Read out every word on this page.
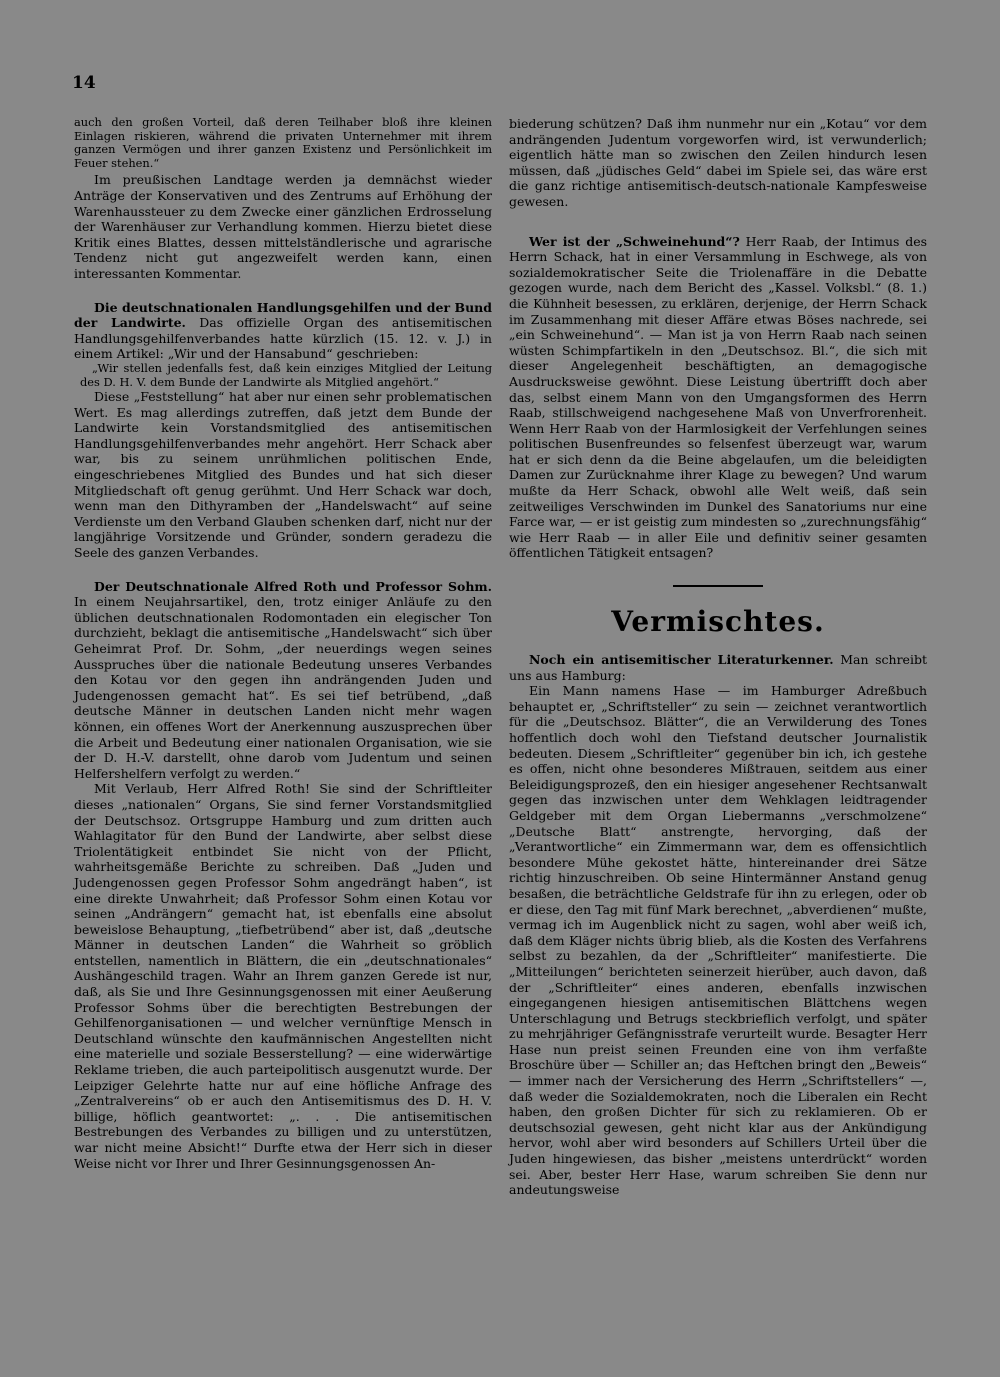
14

auch den großen Vorteil, daß deren Teilhaber bloß ihre kleinen Einlagen riskieren, während die privaten Unternehmer mit ihrem ganzen Vermögen und ihrer ganzen Existenz und Persönlichkeit im Feuer stehen.“

Im preußischen Landtage werden ja demnächst wieder Anträge der Konservativen und des Zentrums auf Erhöhung der Warenhaussteuer zu dem Zwecke einer gänzlichen Erdrosselung der Warenhäuser zur Verhandlung kommen. Hierzu bietet diese Kritik eines Blattes, dessen mittelständlerische und agrarische Tendenz nicht gut angezweifelt werden kann, einen interessanten Kommentar.

Die deutschnationalen Handlungsgehilfen und der Bund der Landwirte. Das offizielle Organ des antisemitischen Handlungsgehilfenverbandes hatte kürzlich (15. 12. v. J.) in einem Artikel: „Wir und der Hansabund“ geschrieben:

„Wir stellen jedenfalls fest, daß kein einziges Mitglied der Leitung des D. H. V. dem Bunde der Landwirte als Mitglied angehört.“

Diese „Feststellung“ hat aber nur einen sehr problematischen Wert. Es mag allerdings zutreffen, daß jetzt dem Bunde der Landwirte kein Vorstandsmitglied des antisemitischen Handlungsgehilfenverbandes mehr angehört. Herr Schack aber war, bis zu seinem unrühmlichen politischen Ende, eingeschriebenes Mitglied des Bundes und hat sich dieser Mitgliedschaft oft genug gerühmt. Und Herr Schack war doch, wenn man den Dithyramben der „Handelswacht“ auf seine Verdienste um den Verband Glauben schenken darf, nicht nur der langjährige Vorsitzende und Gründer, sondern geradezu die Seele des ganzen Verbandes.

Der Deutschnationale Alfred Roth und Professor Sohm. In einem Neujahrsartikel, den, trotz einiger Anläufe zu den üblichen deutschnationalen Rodomontaden ein elegischer Ton durchzieht, beklagt die antisemitische „Handelswacht“ sich über Geheimrat Prof. Dr. Sohm, „der neuerdings wegen seines Ausspruches über die nationale Bedeutung unseres Verbandes den Kotau vor den gegen ihn andrängenden Juden und Judengenossen gemacht hat“. Es sei tief betrübend, „daß deutsche Männer in deutschen Landen nicht mehr wagen können, ein offenes Wort der Anerkennung auszusprechen über die Arbeit und Bedeutung einer nationalen Organisation, wie sie der D. H.-V. darstellt, ohne darob vom Judentum und seinen Helfershelfern verfolgt zu werden.“

Mit Verlaub, Herr Alfred Roth! Sie sind der Schriftleiter dieses „nationalen“ Organs, Sie sind ferner Vorstandsmitglied der Deutschsoz. Ortsgruppe Hamburg und zum dritten auch Wahlagitator für den Bund der Landwirte, aber selbst diese Triolentätigkeit entbindet Sie nicht von der Pflicht, wahrheitsgemäße Berichte zu schreiben. Daß „Juden und Judengenossen gegen Professor Sohm angedrängt haben“, ist eine direkte Unwahrheit; daß Professor Sohm einen Kotau vor seinen „Andrängern“ gemacht hat, ist ebenfalls eine absolut beweislose Behauptung, „tiefbetrübend“ aber ist, daß „deutsche Männer in deutschen Landen“ die Wahrheit so gröblich entstellen, namentlich in Blättern, die ein „deutschnationales“ Aushängeschild tragen. Wahr an Ihrem ganzen Gerede ist nur, daß, als Sie und Ihre Gesinnungsgenossen mit einer Aeußerung Professor Sohms über die berechtigten Bestrebungen der Gehilfenorganisationen — und welcher vernünftige Mensch in Deutschland wünschte den kaufmännischen Angestellten nicht eine materielle und soziale Besserstellung? — eine widerwärtige Reklame trieben, die auch parteipolitisch ausgenutzt wurde. Der Leipziger Gelehrte hatte nur auf eine höfliche Anfrage des „Zentralvereins“ ob er auch den Antisemitismus des D. H. V. billige, höflich geantwortet: „. . . Die antisemitischen Bestrebungen des Verbandes zu billigen und zu unterstützen, war nicht meine Absicht!“ Durfte etwa der Herr sich in dieser Weise nicht vor Ihrer und Ihrer Gesinnungsgenossen An-

biederung schützen? Daß ihm nunmehr nur ein „Kotau“ vor dem andrängenden Judentum vorgeworfen wird, ist verwunderlich; eigentlich hätte man so zwischen den Zeilen hindurch lesen müssen, daß „jüdisches Geld“ dabei im Spiele sei, das wäre erst die ganz richtige antisemitisch-deutsch-nationale Kampfesweise gewesen.

Wer ist der „Schweinehund“? Herr Raab, der Intimus des Herrn Schack, hat in einer Versammlung in Eschwege, als von sozialdemokratischer Seite die Triolenaffäre in die Debatte gezogen wurde, nach dem Bericht des „Kassel. Volksbl.“ (8. 1.) die Kühnheit besessen, zu erklären, derjenige, der Herrn Schack im Zusammenhang mit dieser Affäre etwas Böses nachrede, sei „ein Schweinehund“. — Man ist ja von Herrn Raab nach seinen wüsten Schimpfartikeln in den „Deutschsoz. Bl.“, die sich mit dieser Angelegenheit beschäftigten, an demagogische Ausdrucksweise gewöhnt. Diese Leistung übertrifft doch aber das, selbst einem Mann von den Umgangsformen des Herrn Raab, stillschweigend nachgesehene Maß von Unverfrorenheit. Wenn Herr Raab von der Harmlosigkeit der Verfehlungen seines politischen Busenfreundes so felsenfest überzeugt war, warum hat er sich denn da die Beine abgelaufen, um die beleidigten Damen zur Zurücknahme ihrer Klage zu bewegen? Und warum mußte da Herr Schack, obwohl alle Welt weiß, daß sein zeitweiliges Verschwinden im Dunkel des Sanatoriums nur eine Farce war, — er ist geistig zum mindesten so „zurechnungsfähig“ wie Herr Raab — in aller Eile und definitiv seiner gesamten öffentlichen Tätigkeit entsagen?

Vermischtes.

Noch ein antisemitischer Literaturkenner. Man schreibt uns aus Hamburg:

Ein Mann namens Hase — im Hamburger Adreßbuch behauptet er, „Schriftsteller“ zu sein — zeichnet verantwortlich für die „Deutschsoz. Blätter“, die an Verwilderung des Tones hoffentlich doch wohl den Tiefstand deutscher Journalistik bedeuten. Diesem „Schriftleiter“ gegenüber bin ich, ich gestehe es offen, nicht ohne besonderes Mißtrauen, seitdem aus einer Beleidigungsprozeß, den ein hiesiger angesehener Rechtsanwalt gegen das inzwischen unter dem Wehklagen leidtragender Geldgeber mit dem Organ Liebermanns „verschmolzene“ „Deutsche Blatt“ anstrengte, hervorging, daß der „Verantwortliche“ ein Zimmermann war, dem es offensichtlich besondere Mühe gekostet hätte, hintereinander drei Sätze richtig hinzuschreiben. Ob seine Hintermänner Anstand genug besaßen, die beträchtliche Geldstrafe für ihn zu erlegen, oder ob er diese, den Tag mit fünf Mark berechnet, „abverdienen“ mußte, vermag ich im Augenblick nicht zu sagen, wohl aber weiß ich, daß dem Kläger nichts übrig blieb, als die Kosten des Verfahrens selbst zu bezahlen, da der „Schriftleiter“ manifestierte. Die „Mitteilungen“ berichteten seinerzeit hierüber, auch davon, daß der „Schriftleiter“ eines anderen, ebenfalls inzwischen eingegangenen hiesigen antisemitischen Blättchens wegen Unterschlagung und Betrugs steckbrieflich verfolgt, und später zu mehrjähriger Gefängnisstrafe verurteilt wurde. Besagter Herr Hase nun preist seinen Freunden eine von ihm verfaßte Broschüre über — Schiller an; das Heftchen bringt den „Beweis“ — immer nach der Versicherung des Herrn „Schriftstellers“ —, daß weder die Sozialdemokraten, noch die Liberalen ein Recht haben, den großen Dichter für sich zu reklamieren. Ob er deutschsozial gewesen, geht nicht klar aus der Ankündigung hervor, wohl aber wird besonders auf Schillers Urteil über die Juden hingewiesen, das bisher „meistens unterdrückt“ worden sei. Aber, bester Herr Hase, warum schreiben Sie denn nur andeutungsweise
